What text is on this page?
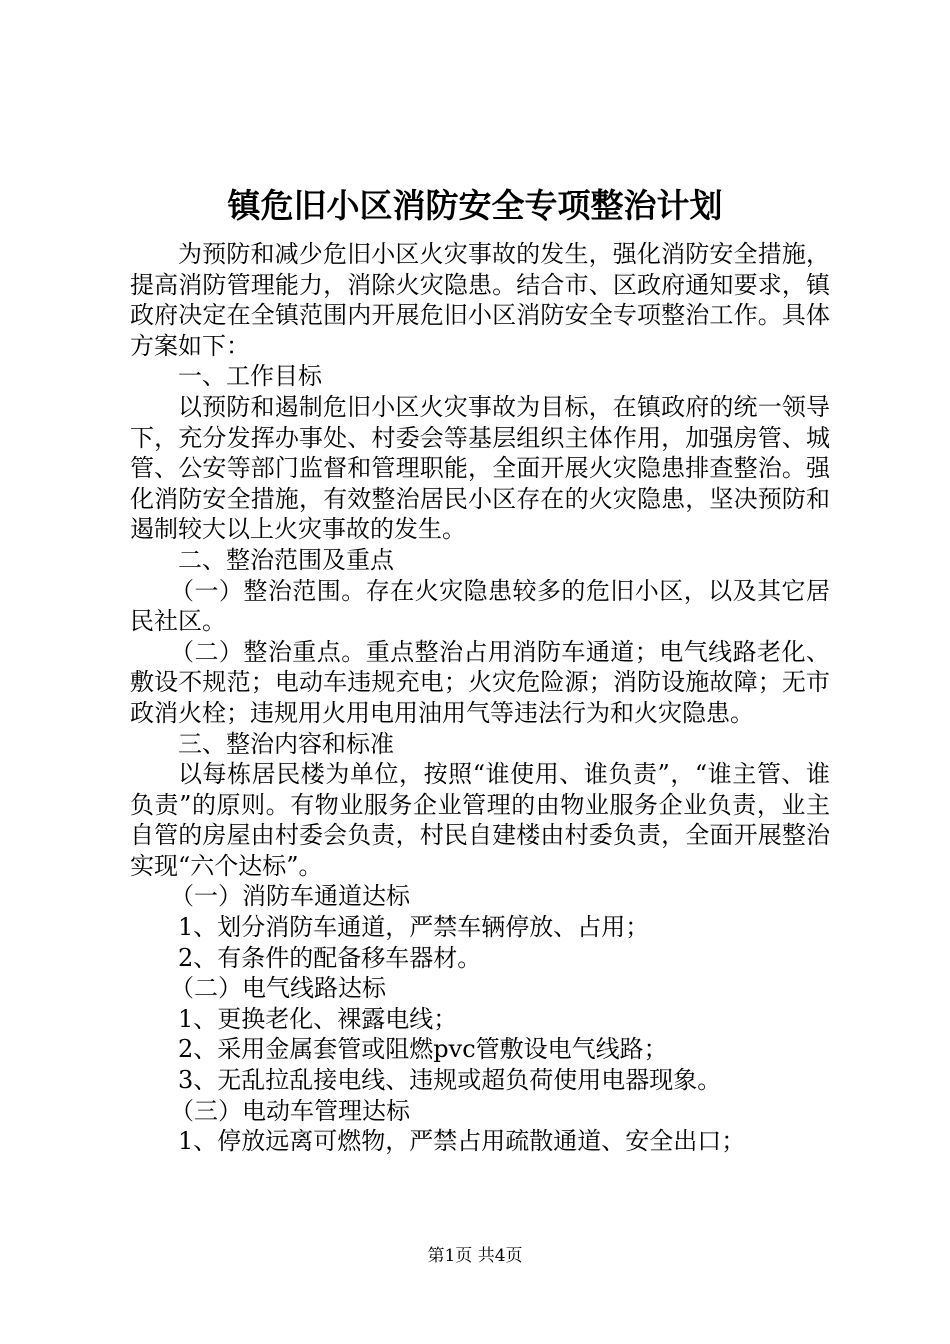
镇危旧小区消防安全专项整治计划

为预防和减少危旧小区火灾事故的发生，强化消防安全措施，提高消防管理能力，消除火灾隐患。结合市、区政府通知要求，镇政府决定在全镇范围内开展危旧小区消防安全专项整治工作。具体方案如下：

一、工作目标

以预防和遏制危旧小区火灾事故为目标，在镇政府的统一领导下，充分发挥办事处、村委会等基层组织主体作用，加强房管、城管、公安等部门监督和管理职能，全面开展火灾隐患排查整治。强化消防安全措施，有效整治居民小区存在的火灾隐患，坚决预防和遏制较大以上火灾事故的发生。

二、整治范围及重点

（一）整治范围。存在火灾隐患较多的危旧小区，以及其它居民社区。

（二）整治重点。重点整治占用消防车通道；电气线路老化、敷设不规范；电动车违规充电；火灾危险源；消防设施故障；无市政消火栓；违规用火用电用油用气等违法行为和火灾隐患。

三、整治内容和标准

以每栋居民楼为单位，按照“谁使用、谁负责”，“谁主管、谁负责”的原则。有物业服务企业管理的由物业服务企业负责，业主自管的房屋由村委会负责，村民自建楼由村委负责，全面开展整治实现“六个达标”。

（一）消防车通道达标

1、划分消防车通道，严禁车辆停放、占用；

2、有条件的配备移车器材。

（二）电气线路达标

1、更换老化、裸露电线；

2、采用金属套管或阻燃pvc管敷设电气线路；

3、无乱拉乱接电线、违规或超负荷使用电器现象。

（三）电动车管理达标

1、停放远离可燃物，严禁占用疏散通道、安全出口；

第1页 共4页
